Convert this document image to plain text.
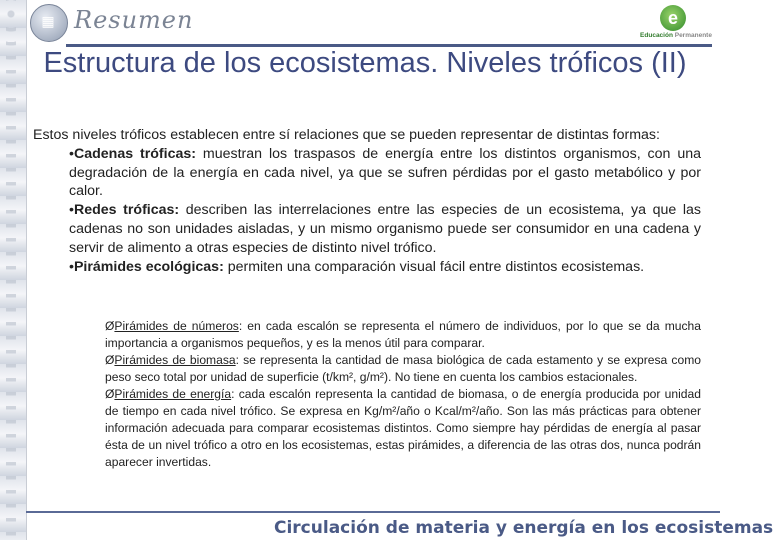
▦ Resumen	e
Educación Permanente
Estructura de los ecosistemas. Niveles tróficos (II)

Estos niveles tróficos establecen entre sí relaciones que se pueden representar de distintas formas:

•Cadenas tróficas: muestran los traspasos de energía entre los distintos organismos, con una degradación de la energía en cada nivel, ya que se sufren pérdidas por el gasto metabólico y por calor.

•Redes tróficas: describen las interrelaciones entre las especies de un ecosistema, ya que las cadenas no son unidades aisladas, y un mismo organismo puede ser consumidor en una cadena y servir de alimento a otras especies de distinto nivel trófico.

•Pirámides ecológicas: permiten una comparación visual fácil entre distintos ecosistemas.

ØPirámides de números: en cada escalón se representa el número de individuos, por lo que se da mucha importancia a organismos pequeños, y es la menos útil para comparar.

ØPirámides de biomasa: se representa la cantidad de masa biológica de cada estamento y se expresa como peso seco total por unidad de superficie (t/km², g/m²). No tiene en cuenta los cambios estacionales.

ØPirámides de energía: cada escalón representa la cantidad de biomasa, o de energía producida por unidad de tiempo en cada nivel trófico. Se expresa en Kg/m²/año o Kcal/m²/año. Son las más prácticas para obtener información adecuada para comparar ecosistemas distintos. Como siempre hay pérdidas de energía al pasar ésta de un nivel trófico a otro en los ecosistemas, estas pirámides, a diferencia de las otras dos, nunca podrán aparecer invertidas.

Circulación de materia y energía en los ecosistemas
